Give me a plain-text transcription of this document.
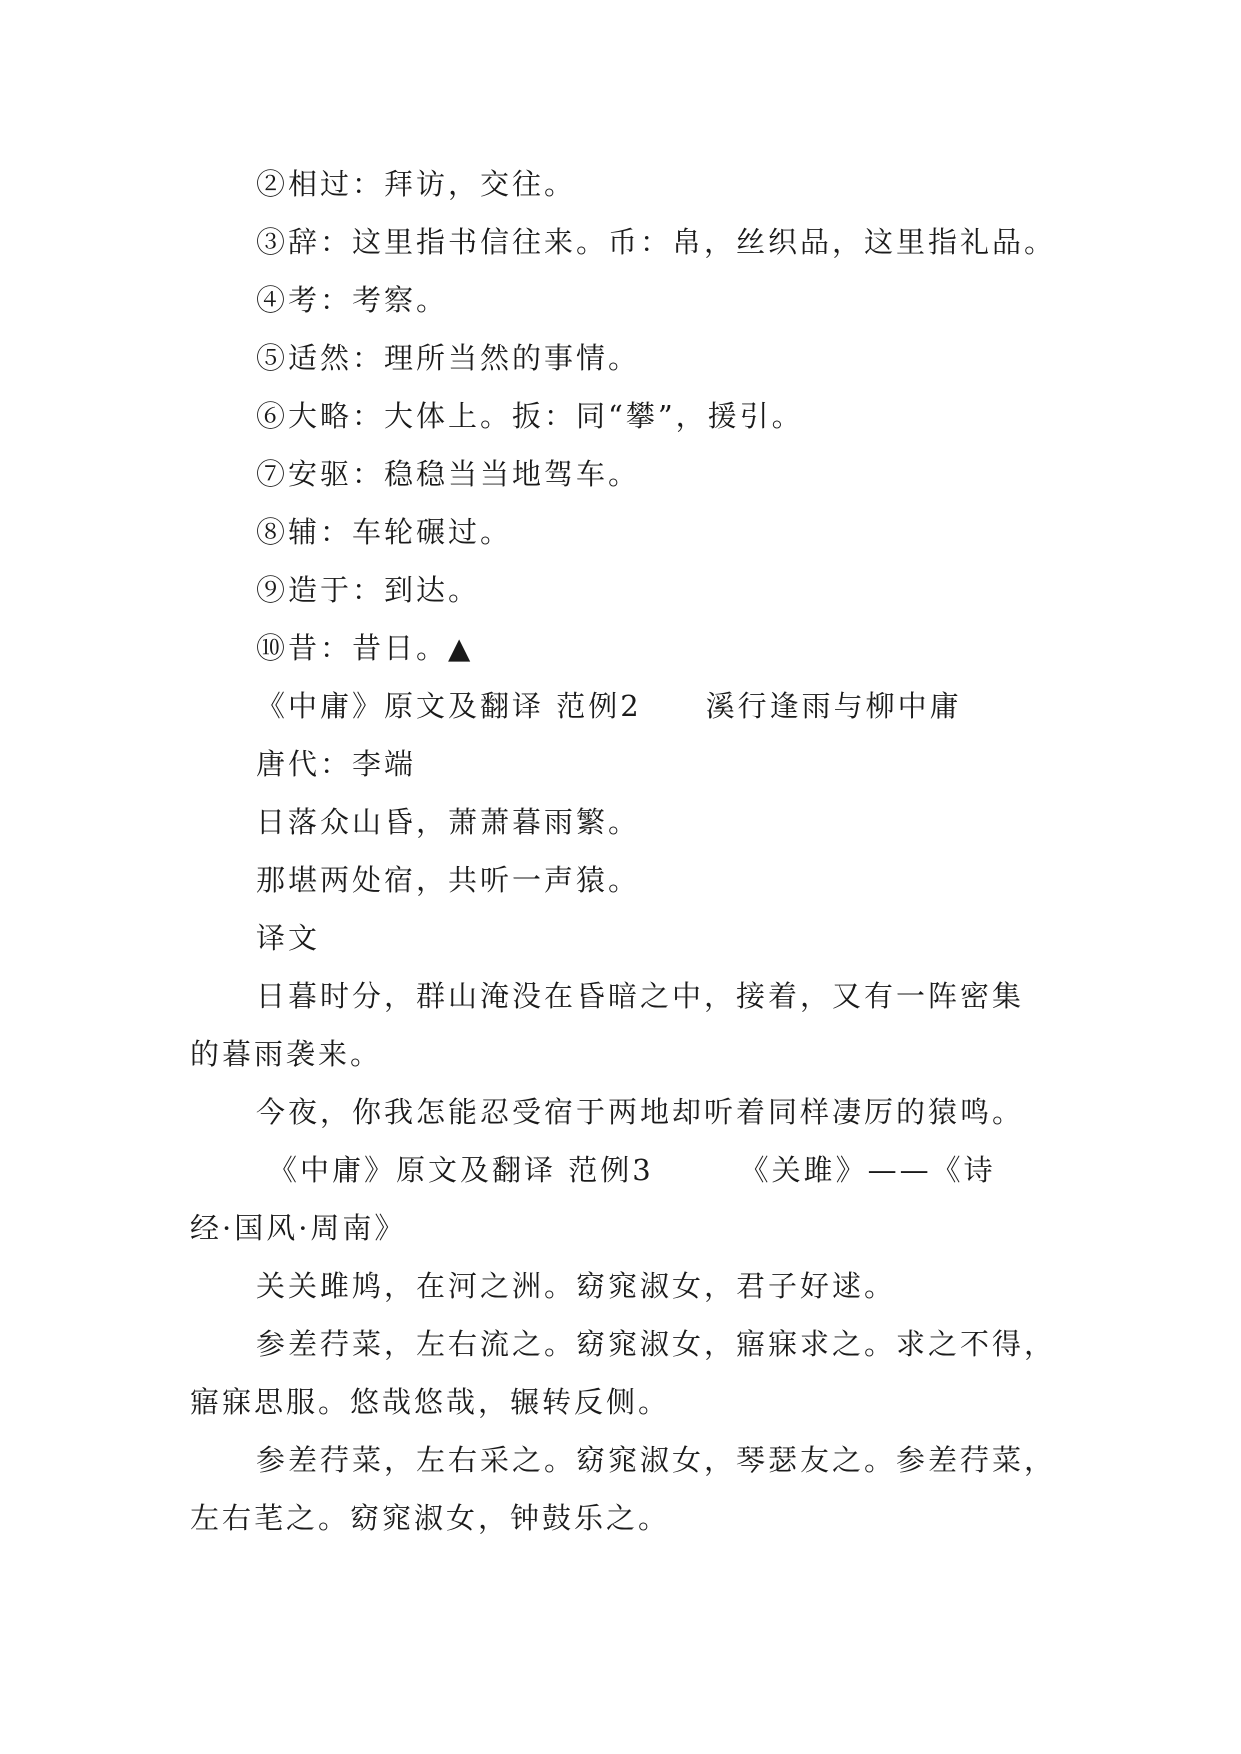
②相过：拜访，交往。
③辞：这里指书信往来。币：帛，丝织品，这里指礼品。
④考：考察。
⑤适然：理所当然的事情。
⑥大略：大体上。扳：同“攀”，援引。
⑦安驱：稳稳当当地驾车。
⑧辅：车轮碾过。
⑨造于：到达。
⑩昔：昔日。▲
《中庸》原文及翻译 范例2 溪行逢雨与柳中庸
唐代：李端
日落众山昏，萧萧暮雨繁。
那堪两处宿，共听一声猿。
译文
日暮时分，群山淹没在昏暗之中，接着，又有一阵密集
的暮雨袭来。
今夜，你我怎能忍受宿于两地却听着同样凄厉的猿鸣。
《中庸》原文及翻译 范例3	《关雎》——《诗
经·国风·周南》
关关雎鸠，在河之洲。窈窕淑女，君子好逑。
参差荇菜，左右流之。窈窕淑女，寤寐求之。求之不得，
寤寐思服。悠哉悠哉，辗转反侧。
参差荇菜，左右采之。窈窕淑女，琴瑟友之。参差荇菜，
左右芼之。窈窕淑女，钟鼓乐之。
